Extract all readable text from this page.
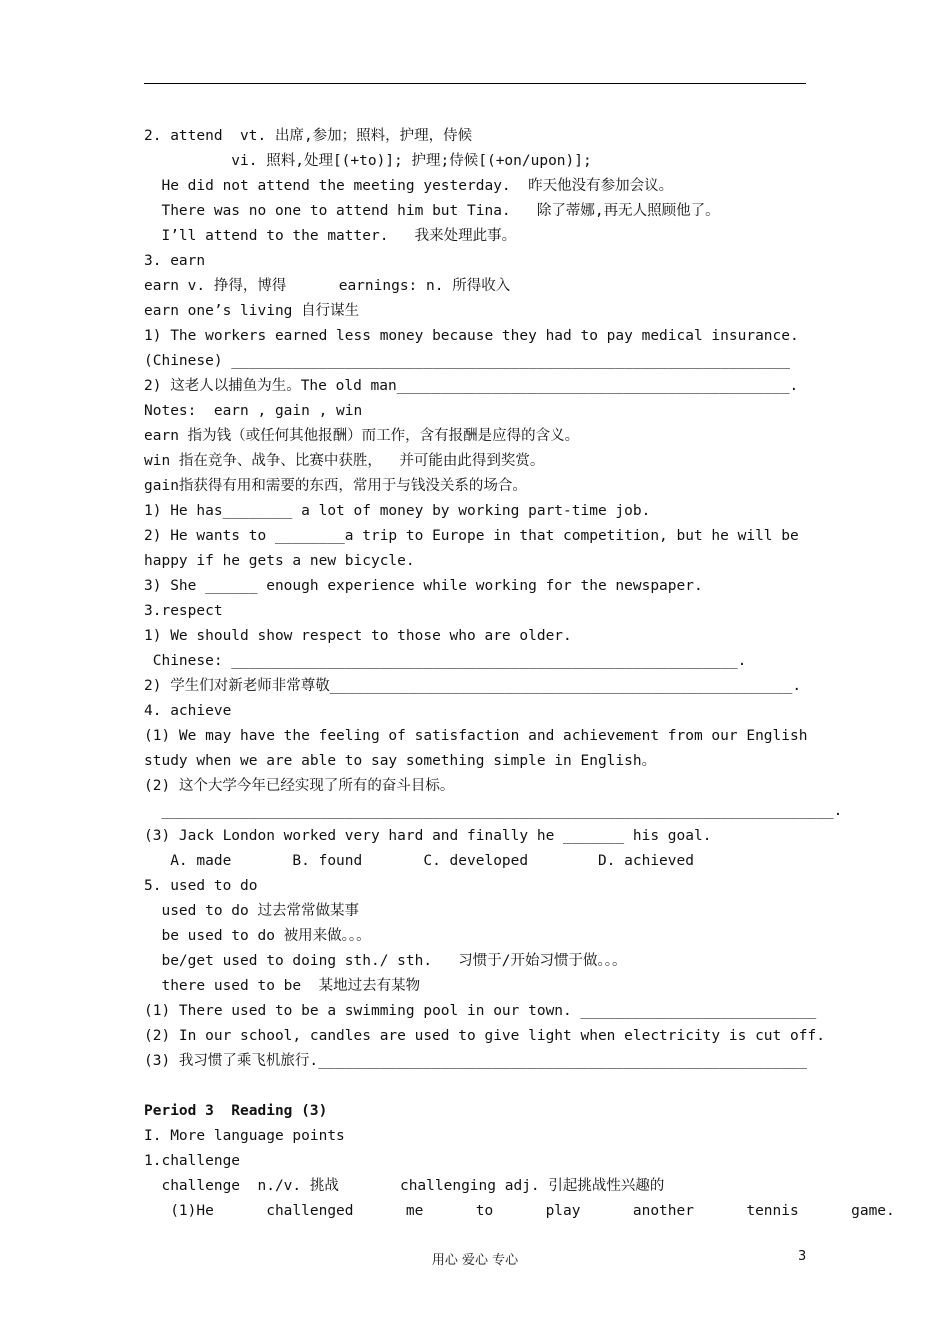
2. attend  vt. 出席,参加；照料，护理，侍候
vi. 照料,处理[(+to)]; 护理;侍候[(+on/upon)];
He did not attend the meeting yesterday.  昨天他没有参加会议。
There was no one to attend him but Tina.   除了蒂娜,再无人照顾他了。
I’ll attend to the matter.   我来处理此事。
3. earn
earn v. 挣得，博得      earnings: n. 所得收入
earn one’s living 自行谋生
1) The workers earned less money because they had to pay medical insurance.
(Chinese) ________________________________________________________________
2) 这老人以捕鱼为生。The old man_____________________________________________.
Notes:  earn , gain , win
earn 指为钱（或任何其他报酬）而工作，含有报酬是应得的含义。
win 指在竞争、战争、比赛中获胜，  并可能由此得到奖赏。
gain指获得有用和需要的东西，常用于与钱没关系的场合。
1) He has________ a lot of money by working part-time job.
2) He wants to ________a trip to Europe in that competition, but he will be
happy if he gets a new bicycle.
3) She ______ enough experience while working for the newspaper.
3.respect
1) We should show respect to those who are older.
Chinese: __________________________________________________________.
2) 学生们对新老师非常尊敬_____________________________________________________.
4. achieve
(1) We may have the feeling of satisfaction and achievement from our English
study when we are able to say something simple in English。
(2) 这个大学今年已经实现了所有的奋斗目标。
_____________________________________________________________________________.
(3) Jack London worked very hard and finally he _______ his goal.
A. made       B. found       C. developed        D. achieved
5. used to do
used to do 过去常常做某事
be used to do 被用来做。。。
be/get used to doing sth./ sth.   习惯于/开始习惯于做。。。
there used to be  某地过去有某物
(1) There used to be a swimming pool in our town. ___________________________
(2) In our school, candles are used to give light when electricity is cut off.
(3) 我习惯了乘飞机旅行.________________________________________________________
Period 3  Reading (3)
I. More language points
1.challenge
challenge  n./v. 挑战       challenging adj. 引起挑战性兴趣的
(1)He      challenged      me      to      play      another      tennis      game.
用心 爱心 专心	3
